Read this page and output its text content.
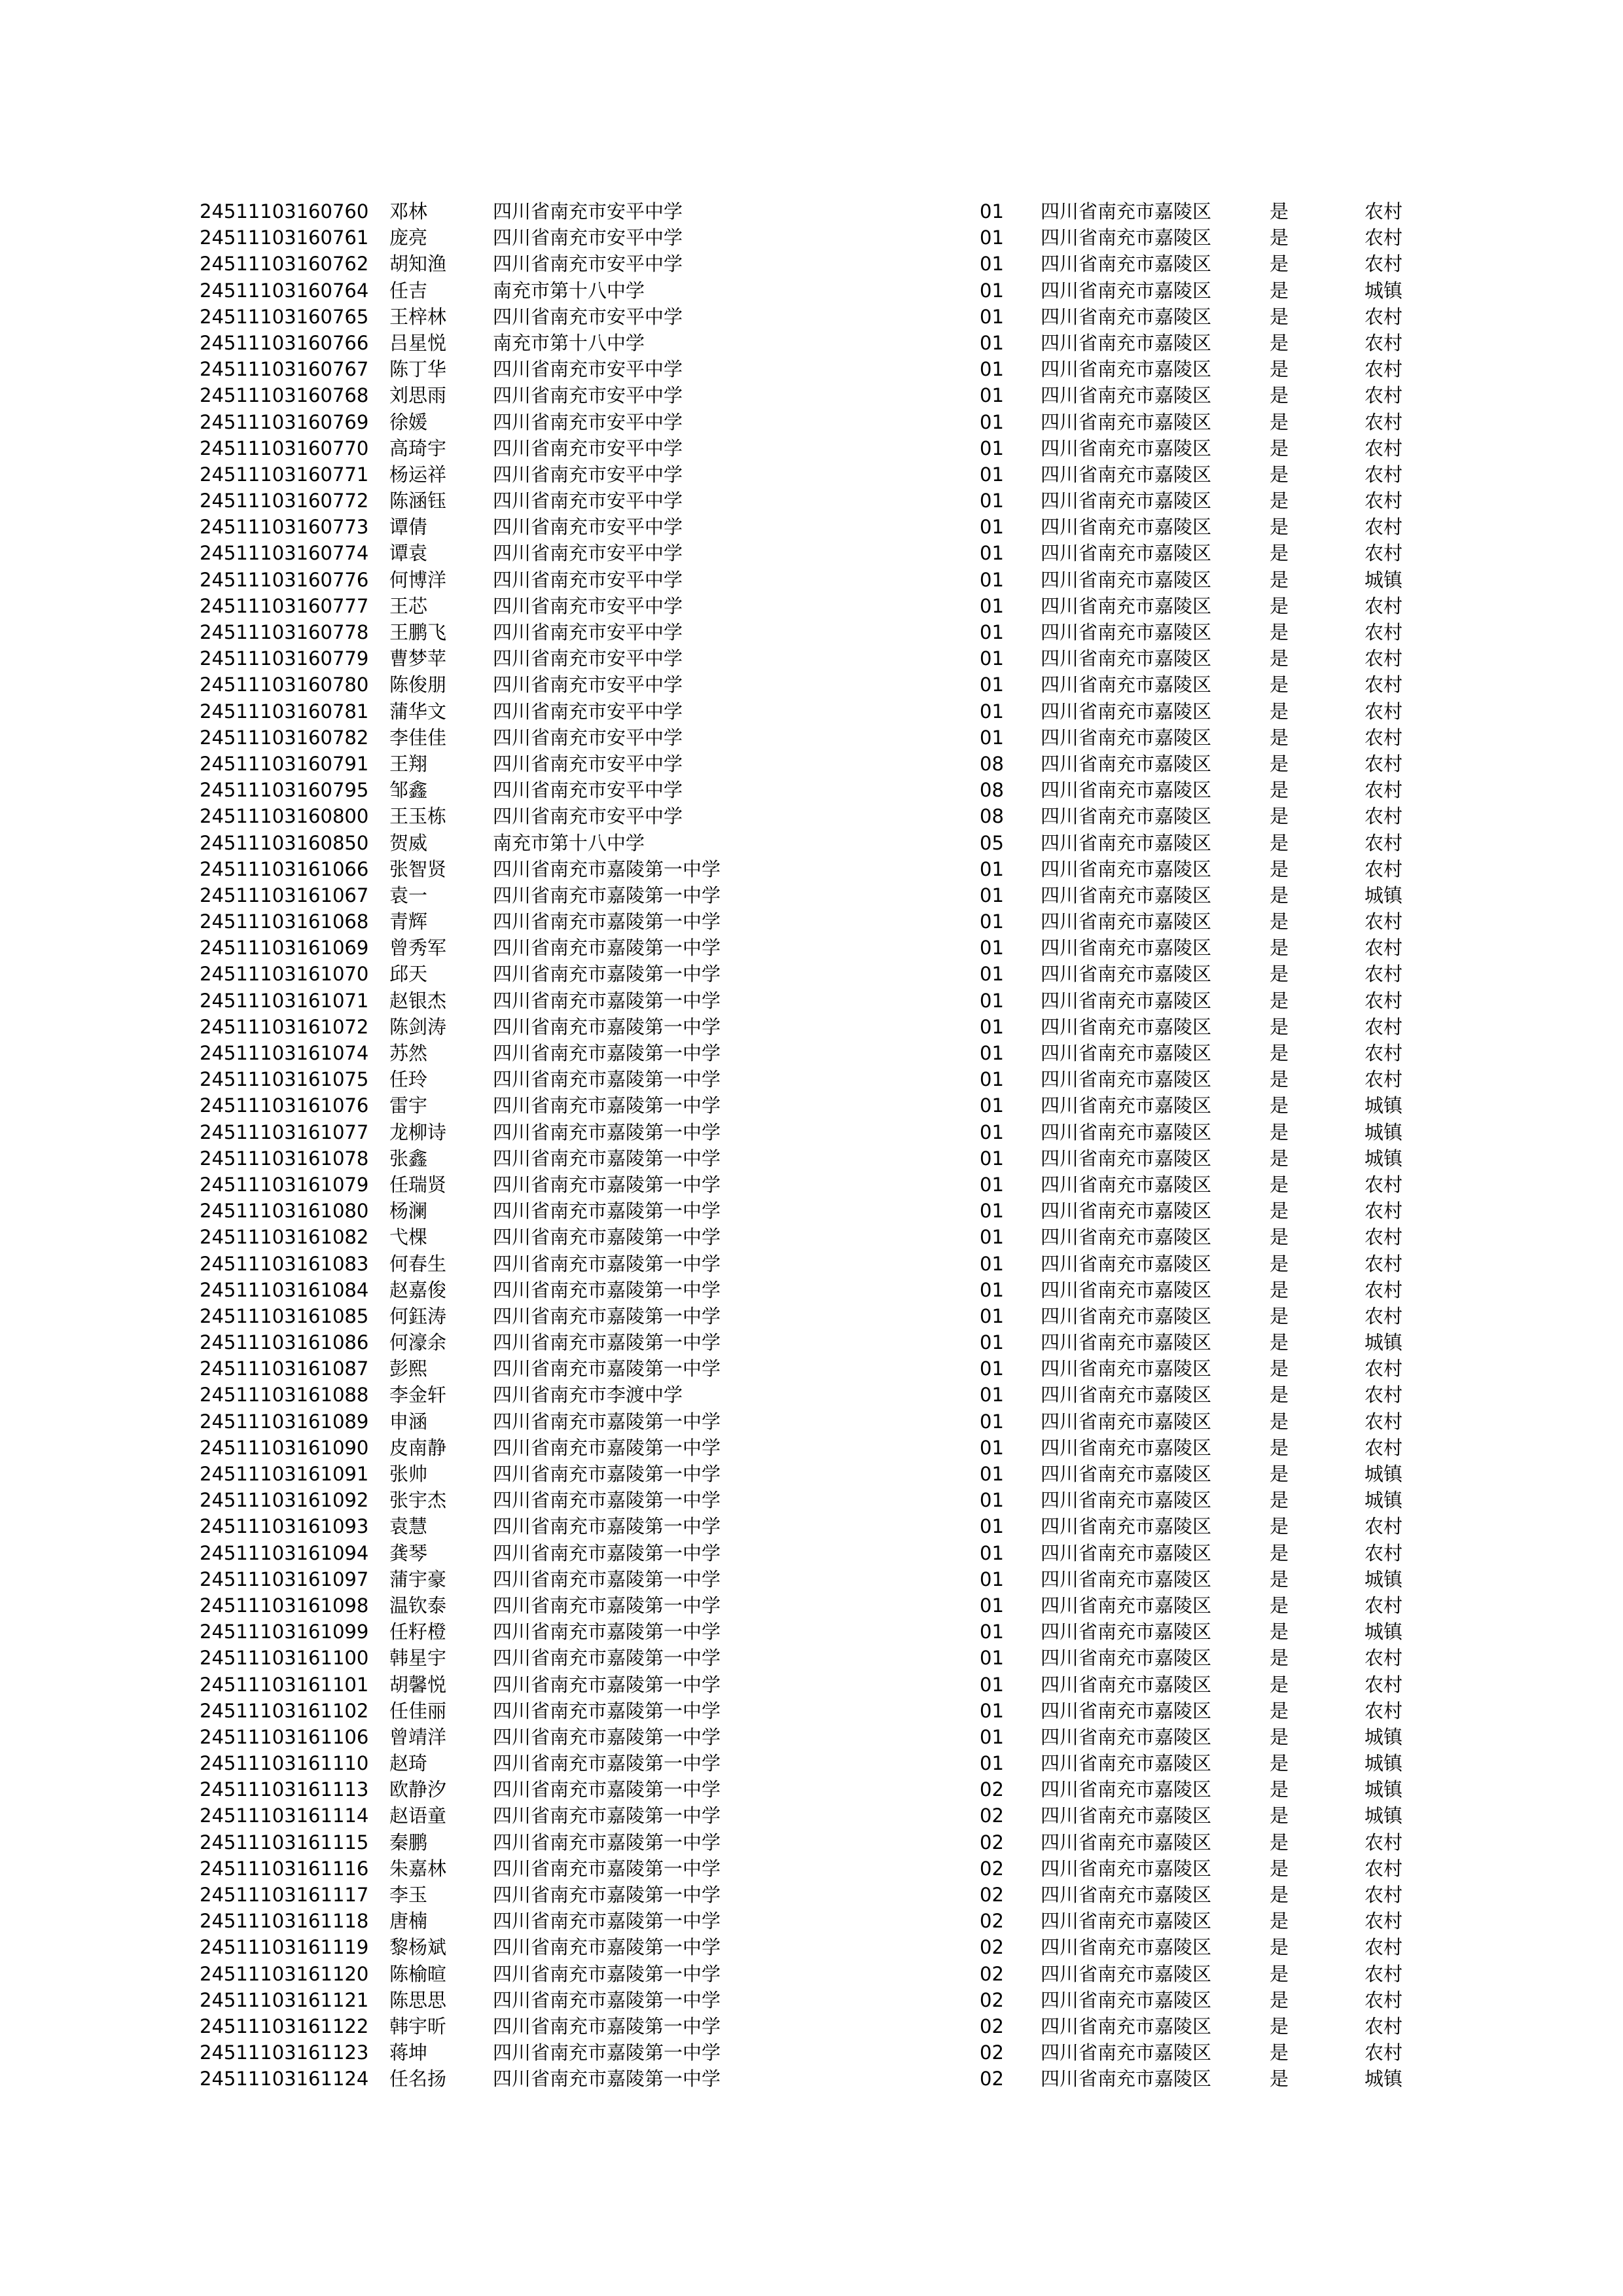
24511103160760 邓林	四川省南充市安平中学	01 四川省南充市嘉陵区	是	农村
24511103160761 庞亮	四川省南充市安平中学	01 四川省南充市嘉陵区	是	农村
24511103160762 胡知渔 四川省南充市安平中学	01 四川省南充市嘉陵区	是	农村
24511103160764 任吉	南充市第十八中学	01 四川省南充市嘉陵区	是	城镇
24511103160765 王梓林 四川省南充市安平中学	01 四川省南充市嘉陵区	是	农村
24511103160766 吕星悦 南充市第十八中学	01 四川省南充市嘉陵区	是	农村
24511103160767 陈丁华 四川省南充市安平中学	01 四川省南充市嘉陵区	是	农村
24511103160768 刘思雨 四川省南充市安平中学	01 四川省南充市嘉陵区	是	农村
24511103160769 徐媛	四川省南充市安平中学	01 四川省南充市嘉陵区	是	农村
24511103160770 高琦宇 四川省南充市安平中学	01 四川省南充市嘉陵区	是	农村
24511103160771 杨运祥 四川省南充市安平中学	01 四川省南充市嘉陵区	是	农村
24511103160772 陈涵钰 四川省南充市安平中学	01 四川省南充市嘉陵区	是	农村
24511103160773 谭倩	四川省南充市安平中学	01 四川省南充市嘉陵区	是	农村
24511103160774 谭袁	四川省南充市安平中学	01 四川省南充市嘉陵区	是	农村
24511103160776 何博洋 四川省南充市安平中学	01 四川省南充市嘉陵区	是	城镇
24511103160777 王芯	四川省南充市安平中学	01 四川省南充市嘉陵区	是	农村
24511103160778 王鹏飞 四川省南充市安平中学	01 四川省南充市嘉陵区	是	农村
24511103160779 曹梦苹 四川省南充市安平中学	01 四川省南充市嘉陵区	是	农村
24511103160780 陈俊朋 四川省南充市安平中学	01 四川省南充市嘉陵区	是	农村
24511103160781 蒲华文 四川省南充市安平中学	01 四川省南充市嘉陵区	是	农村
24511103160782 李佳佳 四川省南充市安平中学	01 四川省南充市嘉陵区	是	农村
24511103160791 王翔	四川省南充市安平中学	08 四川省南充市嘉陵区	是	农村
24511103160795 邹鑫	四川省南充市安平中学	08 四川省南充市嘉陵区	是	农村
24511103160800 王玉栋 四川省南充市安平中学	08 四川省南充市嘉陵区	是	农村
24511103160850 贺威	南充市第十八中学	05 四川省南充市嘉陵区	是	农村
24511103161066 张智贤 四川省南充市嘉陵第一中学	01 四川省南充市嘉陵区	是	农村
24511103161067 袁一	四川省南充市嘉陵第一中学	01 四川省南充市嘉陵区	是	城镇
24511103161068 青辉	四川省南充市嘉陵第一中学	01 四川省南充市嘉陵区	是	农村
24511103161069 曾秀军 四川省南充市嘉陵第一中学	01 四川省南充市嘉陵区	是	农村
24511103161070 邱天	四川省南充市嘉陵第一中学	01 四川省南充市嘉陵区	是	农村
24511103161071 赵银杰 四川省南充市嘉陵第一中学	01 四川省南充市嘉陵区	是	农村
24511103161072 陈剑涛 四川省南充市嘉陵第一中学	01 四川省南充市嘉陵区	是	农村
24511103161074 苏然	四川省南充市嘉陵第一中学	01 四川省南充市嘉陵区	是	农村
24511103161075 任玲	四川省南充市嘉陵第一中学	01 四川省南充市嘉陵区	是	农村
24511103161076 雷宇	四川省南充市嘉陵第一中学	01 四川省南充市嘉陵区	是	城镇
24511103161077 龙柳诗 四川省南充市嘉陵第一中学	01 四川省南充市嘉陵区	是	城镇
24511103161078 张鑫	四川省南充市嘉陵第一中学	01 四川省南充市嘉陵区	是	城镇
24511103161079 任瑞贤 四川省南充市嘉陵第一中学	01 四川省南充市嘉陵区	是	农村
24511103161080 杨澜	四川省南充市嘉陵第一中学	01 四川省南充市嘉陵区	是	农村
24511103161082 弋棵	四川省南充市嘉陵第一中学	01 四川省南充市嘉陵区	是	农村
24511103161083 何春生 四川省南充市嘉陵第一中学	01 四川省南充市嘉陵区	是	农村
24511103161084 赵嘉俊 四川省南充市嘉陵第一中学	01 四川省南充市嘉陵区	是	农村
24511103161085 何鈺涛 四川省南充市嘉陵第一中学	01 四川省南充市嘉陵区	是	农村
24511103161086 何濠余 四川省南充市嘉陵第一中学	01 四川省南充市嘉陵区	是	城镇
24511103161087 彭熙	四川省南充市嘉陵第一中学	01 四川省南充市嘉陵区	是	农村
24511103161088 李金轩 四川省南充市李渡中学	01 四川省南充市嘉陵区	是	农村
24511103161089 申涵	四川省南充市嘉陵第一中学	01 四川省南充市嘉陵区	是	农村
24511103161090 皮南静 四川省南充市嘉陵第一中学	01 四川省南充市嘉陵区	是	农村
24511103161091 张帅	四川省南充市嘉陵第一中学	01 四川省南充市嘉陵区	是	城镇
24511103161092 张宇杰 四川省南充市嘉陵第一中学	01 四川省南充市嘉陵区	是	城镇
24511103161093 袁慧	四川省南充市嘉陵第一中学	01 四川省南充市嘉陵区	是	农村
24511103161094 龚琴	四川省南充市嘉陵第一中学	01 四川省南充市嘉陵区	是	农村
24511103161097 蒲宇豪 四川省南充市嘉陵第一中学	01 四川省南充市嘉陵区	是	城镇
24511103161098 温钦泰 四川省南充市嘉陵第一中学	01 四川省南充市嘉陵区	是	农村
24511103161099 任籽橙 四川省南充市嘉陵第一中学	01 四川省南充市嘉陵区	是	城镇
24511103161100 韩星宇 四川省南充市嘉陵第一中学	01 四川省南充市嘉陵区	是	农村
24511103161101 胡馨悦 四川省南充市嘉陵第一中学	01 四川省南充市嘉陵区	是	农村
24511103161102 任佳丽 四川省南充市嘉陵第一中学	01 四川省南充市嘉陵区	是	农村
24511103161106 曾靖洋 四川省南充市嘉陵第一中学	01 四川省南充市嘉陵区	是	城镇
24511103161110 赵琦	四川省南充市嘉陵第一中学	01 四川省南充市嘉陵区	是	城镇
24511103161113 欧静汐 四川省南充市嘉陵第一中学	02 四川省南充市嘉陵区	是	城镇
24511103161114 赵语童 四川省南充市嘉陵第一中学	02 四川省南充市嘉陵区	是	城镇
24511103161115 秦鹏	四川省南充市嘉陵第一中学	02 四川省南充市嘉陵区	是	农村
24511103161116 朱嘉林 四川省南充市嘉陵第一中学	02 四川省南充市嘉陵区	是	农村
24511103161117 李玉	四川省南充市嘉陵第一中学	02 四川省南充市嘉陵区	是	农村
24511103161118 唐楠	四川省南充市嘉陵第一中学	02 四川省南充市嘉陵区	是	农村
24511103161119 黎杨斌 四川省南充市嘉陵第一中学	02 四川省南充市嘉陵区	是	农村
24511103161120 陈榆暄 四川省南充市嘉陵第一中学	02 四川省南充市嘉陵区	是	农村
24511103161121 陈思思 四川省南充市嘉陵第一中学	02 四川省南充市嘉陵区	是	农村
24511103161122 韩宇昕 四川省南充市嘉陵第一中学	02 四川省南充市嘉陵区	是	农村
24511103161123 蒋坤	四川省南充市嘉陵第一中学	02 四川省南充市嘉陵区	是	农村
24511103161124 任名扬 四川省南充市嘉陵第一中学	02 四川省南充市嘉陵区	是	城镇
